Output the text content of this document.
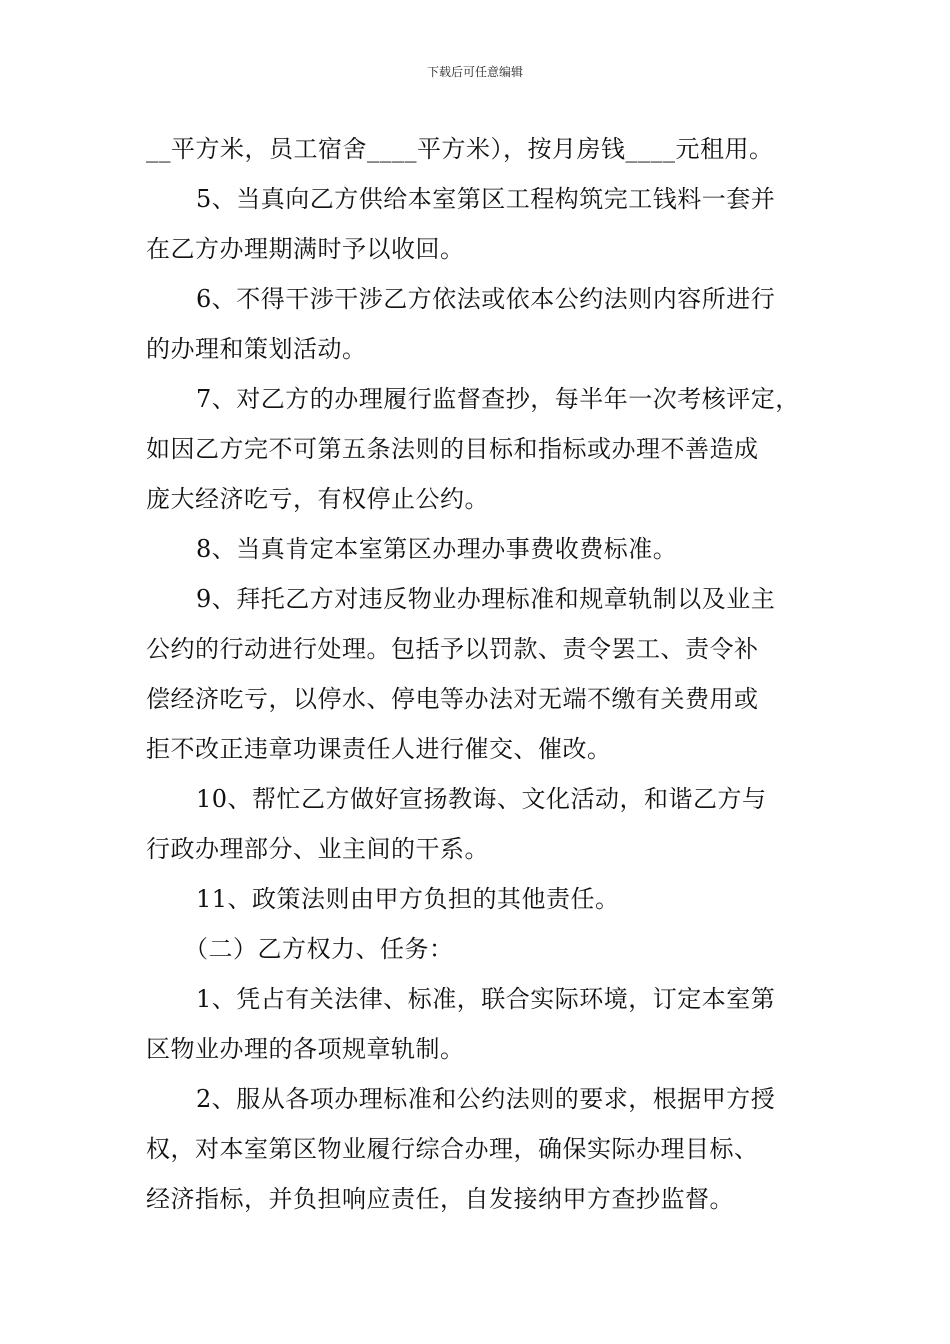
下载后可任意编辑
__平方米，员工宿舍____平方米），按月房钱____元租用。
5、当真向乙方供给本室第区工程构筑完工钱料一套并
在乙方办理期满时予以收回。
6、不得干涉干涉乙方依法或依本公约法则内容所进行
的办理和策划活动。
7、对乙方的办理履行监督查抄，每半年一次考核评定，
如因乙方完不可第五条法则的目标和指标或办理不善造成
庞大经济吃亏，有权停止公约。
8、当真肯定本室第区办理办事费收费标准。
9、拜托乙方对违反物业办理标准和规章轨制以及业主
公约的行动进行处理。包括予以罚款、责令罢工、责令补
偿经济吃亏，以停水、停电等办法对无端不缴有关费用或
拒不改正违章功课责任人进行催交、催改。
10、帮忙乙方做好宣扬教诲、文化活动，和谐乙方与
行政办理部分、业主间的干系。
11、政策法则由甲方负担的其他责任。
（二）乙方权力、任务：
1、凭占有关法律、标准，联合实际环境，订定本室第
区物业办理的各项规章轨制。
2、服从各项办理标准和公约法则的要求，根据甲方授
权，对本室第区物业履行综合办理，确保实际办理目标、
经济指标，并负担响应责任，自发接纳甲方查抄监督。
